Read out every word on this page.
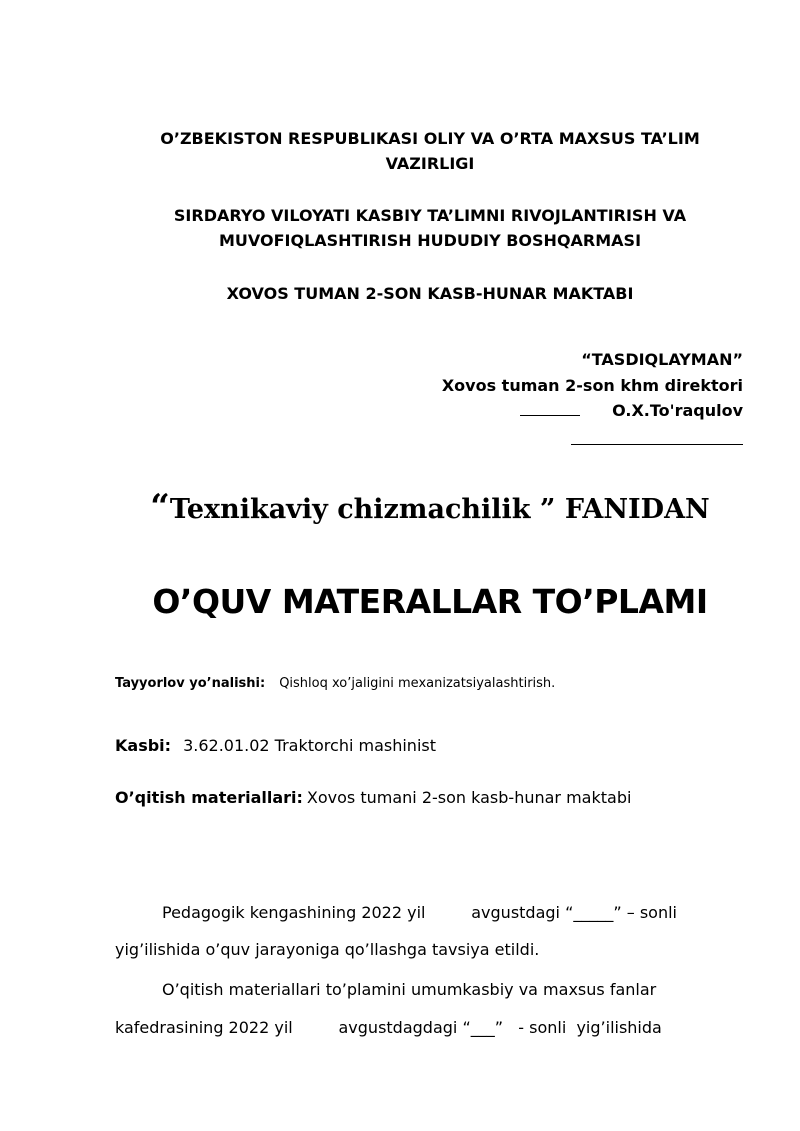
O’ZBEKISTON RESPUBLIKASI OLIY VA O’RTA MAXSUS TA’LIM
VAZIRLIGI
SIRDARYO VILOYATI KASBIY TA’LIMNI RIVOJLANTIRISH VA
MUVOFIQLASHTIRISH HUDUDIY BOSHQARMASI
XOVOS TUMAN 2-SON KASB-HUNAR MAKTABI
“TASDIQLAYMAN”
Xovos tuman 2-son khm direktori
O.X.To'raqulov
“Texnikaviy chizmachilik ” FANIDAN
O’QUV MATERALLAR TO’PLAMI
Tayyorlov yo’nalishi: Qishloq xo’jaligini mexanizatsiyalashtirish.
Kasbi: 3.62.01.02 Traktorchi mashinist
O’qitish materiallari: Xovos tumani 2-son kasb-hunar maktabi
Pedagogik kengashining 2022 yil         avgustdagi “_____” – sonli
yig’ilishida o’quv jarayoniga qo’llashga tavsiya etildi.
O’qitish materiallari to’plamini umumkasbiy va maxsus fanlar
kafedrasining 2022 yil         avgustdagdagi “___”   - sonli  yig’ilishida
